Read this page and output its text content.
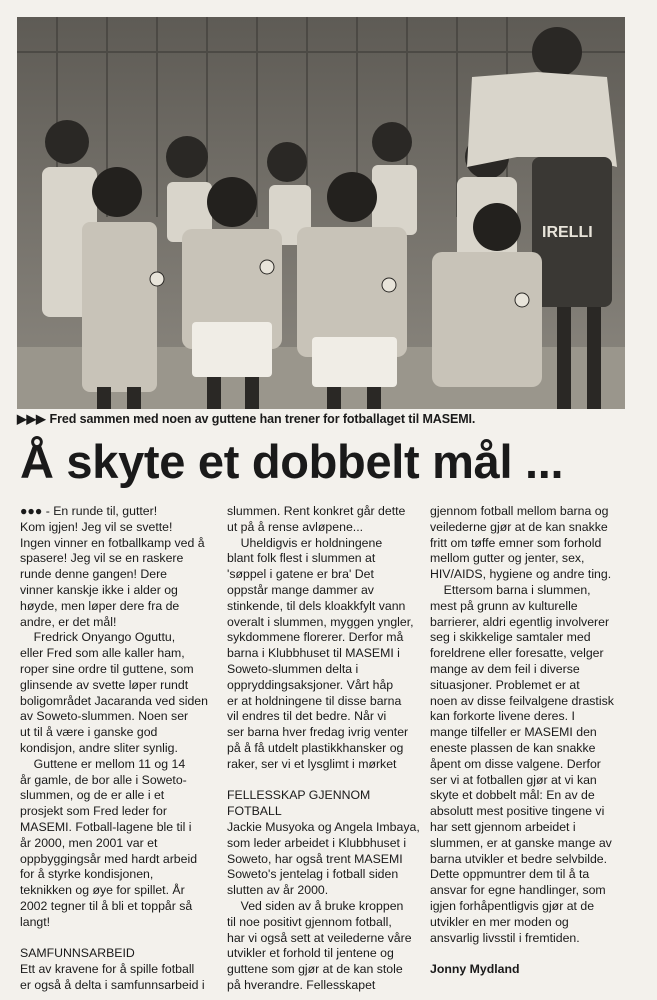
IRELLI
▶▶▶ Fred sammen med noen av guttene han trener for fotballaget til MASEMI.
Å skyte et dobbelt mål ...
●●● - En runde til, gutter!
Kom igjen! Jeg vil se svette!
Ingen vinner en fotballkamp ved å
spasere! Jeg vil se en raskere
runde denne gangen! Dere
vinner kanskje ikke i alder og
høyde, men løper dere fra de
andre, er det mål!
Fredrick Onyango Oguttu,
eller Fred som alle kaller ham,
roper sine ordre til guttene, som
glinsende av svette løper rundt
boligområdet Jacaranda ved siden
av Soweto-slummen. Noen ser
ut til å være i ganske god
kondisjon, andre sliter synlig.
Guttene er mellom 11 og 14
år gamle, de bor alle i Soweto-
slummen, og de er alle i et
prosjekt som Fred leder for
MASEMI. Fotball-lagene ble til i
år 2000, men 2001 var et
oppbyggingsår med hardt arbeid
for å styrke kondisjonen,
teknikken og øye for spillet. År
2002 tegner til å bli et toppår så
langt!
SAMFUNNSARBEID
Ett av kravene for å spille fotball
er også å delta i samfunnsarbeid i
slummen. Rent konkret går dette
ut på å rense avløpene...
Uheldigvis er holdningene
blant folk flest i slummen at
'søppel i gatene er bra' Det
oppstår mange dammer av
stinkende, til dels kloakkfylt vann
overalt i slummen, myggen yngler,
sykdommene florerer. Derfor må
barna i Klubbhuset til MASEMI i
Soweto-slummen delta i
oppryddingsaksjoner. Vårt håp
er at holdningene til disse barna
vil endres til det bedre. Når vi
ser barna hver fredag ivrig venter
på å få utdelt plastikkhansker og
raker, ser vi et lysglimt i mørket
FELLESSKAP GJENNOM
FOTBALL
Jackie Musyoka og Angela Imbaya,
som leder arbeidet i Klubbhuset i
Soweto, har også trent MASEMI
Soweto's jentelag i fotball siden
slutten av år 2000.
Ved siden av å bruke kroppen
til noe positivt gjennom fotball,
har vi også sett at veilederne våre
utvikler et forhold til jentene og
guttene som gjør at de kan stole
på hverandre. Fellesskapet
gjennom fotball mellom barna og
veilederne gjør at de kan snakke
fritt om tøffe emner som forhold
mellom gutter og jenter, sex,
HIV/AIDS, hygiene og andre ting.
Ettersom barna i slummen,
mest på grunn av kulturelle
barrierer, aldri egentlig involverer
seg i skikkelige samtaler med
foreldrene eller foresatte, velger
mange av dem feil i diverse
situasjoner. Problemet er at
noen av disse feilvalgene drastisk
kan forkorte livene deres. I
mange tilfeller er MASEMI den
eneste plassen de kan snakke
åpent om disse valgene. Derfor
ser vi at fotballen gjør at vi kan
skyte et dobbelt mål: En av de
absolutt mest positive tingene vi
har sett gjennom arbeidet i
slummen, er at ganske mange av
barna utvikler et bedre selvbilde.
Dette oppmuntrer dem til å ta
ansvar for egne handlinger, som
igjen forhåpentligvis gjør at de
utvikler en mer moden og
ansvarlig livsstil i fremtiden.
Jonny Mydland
